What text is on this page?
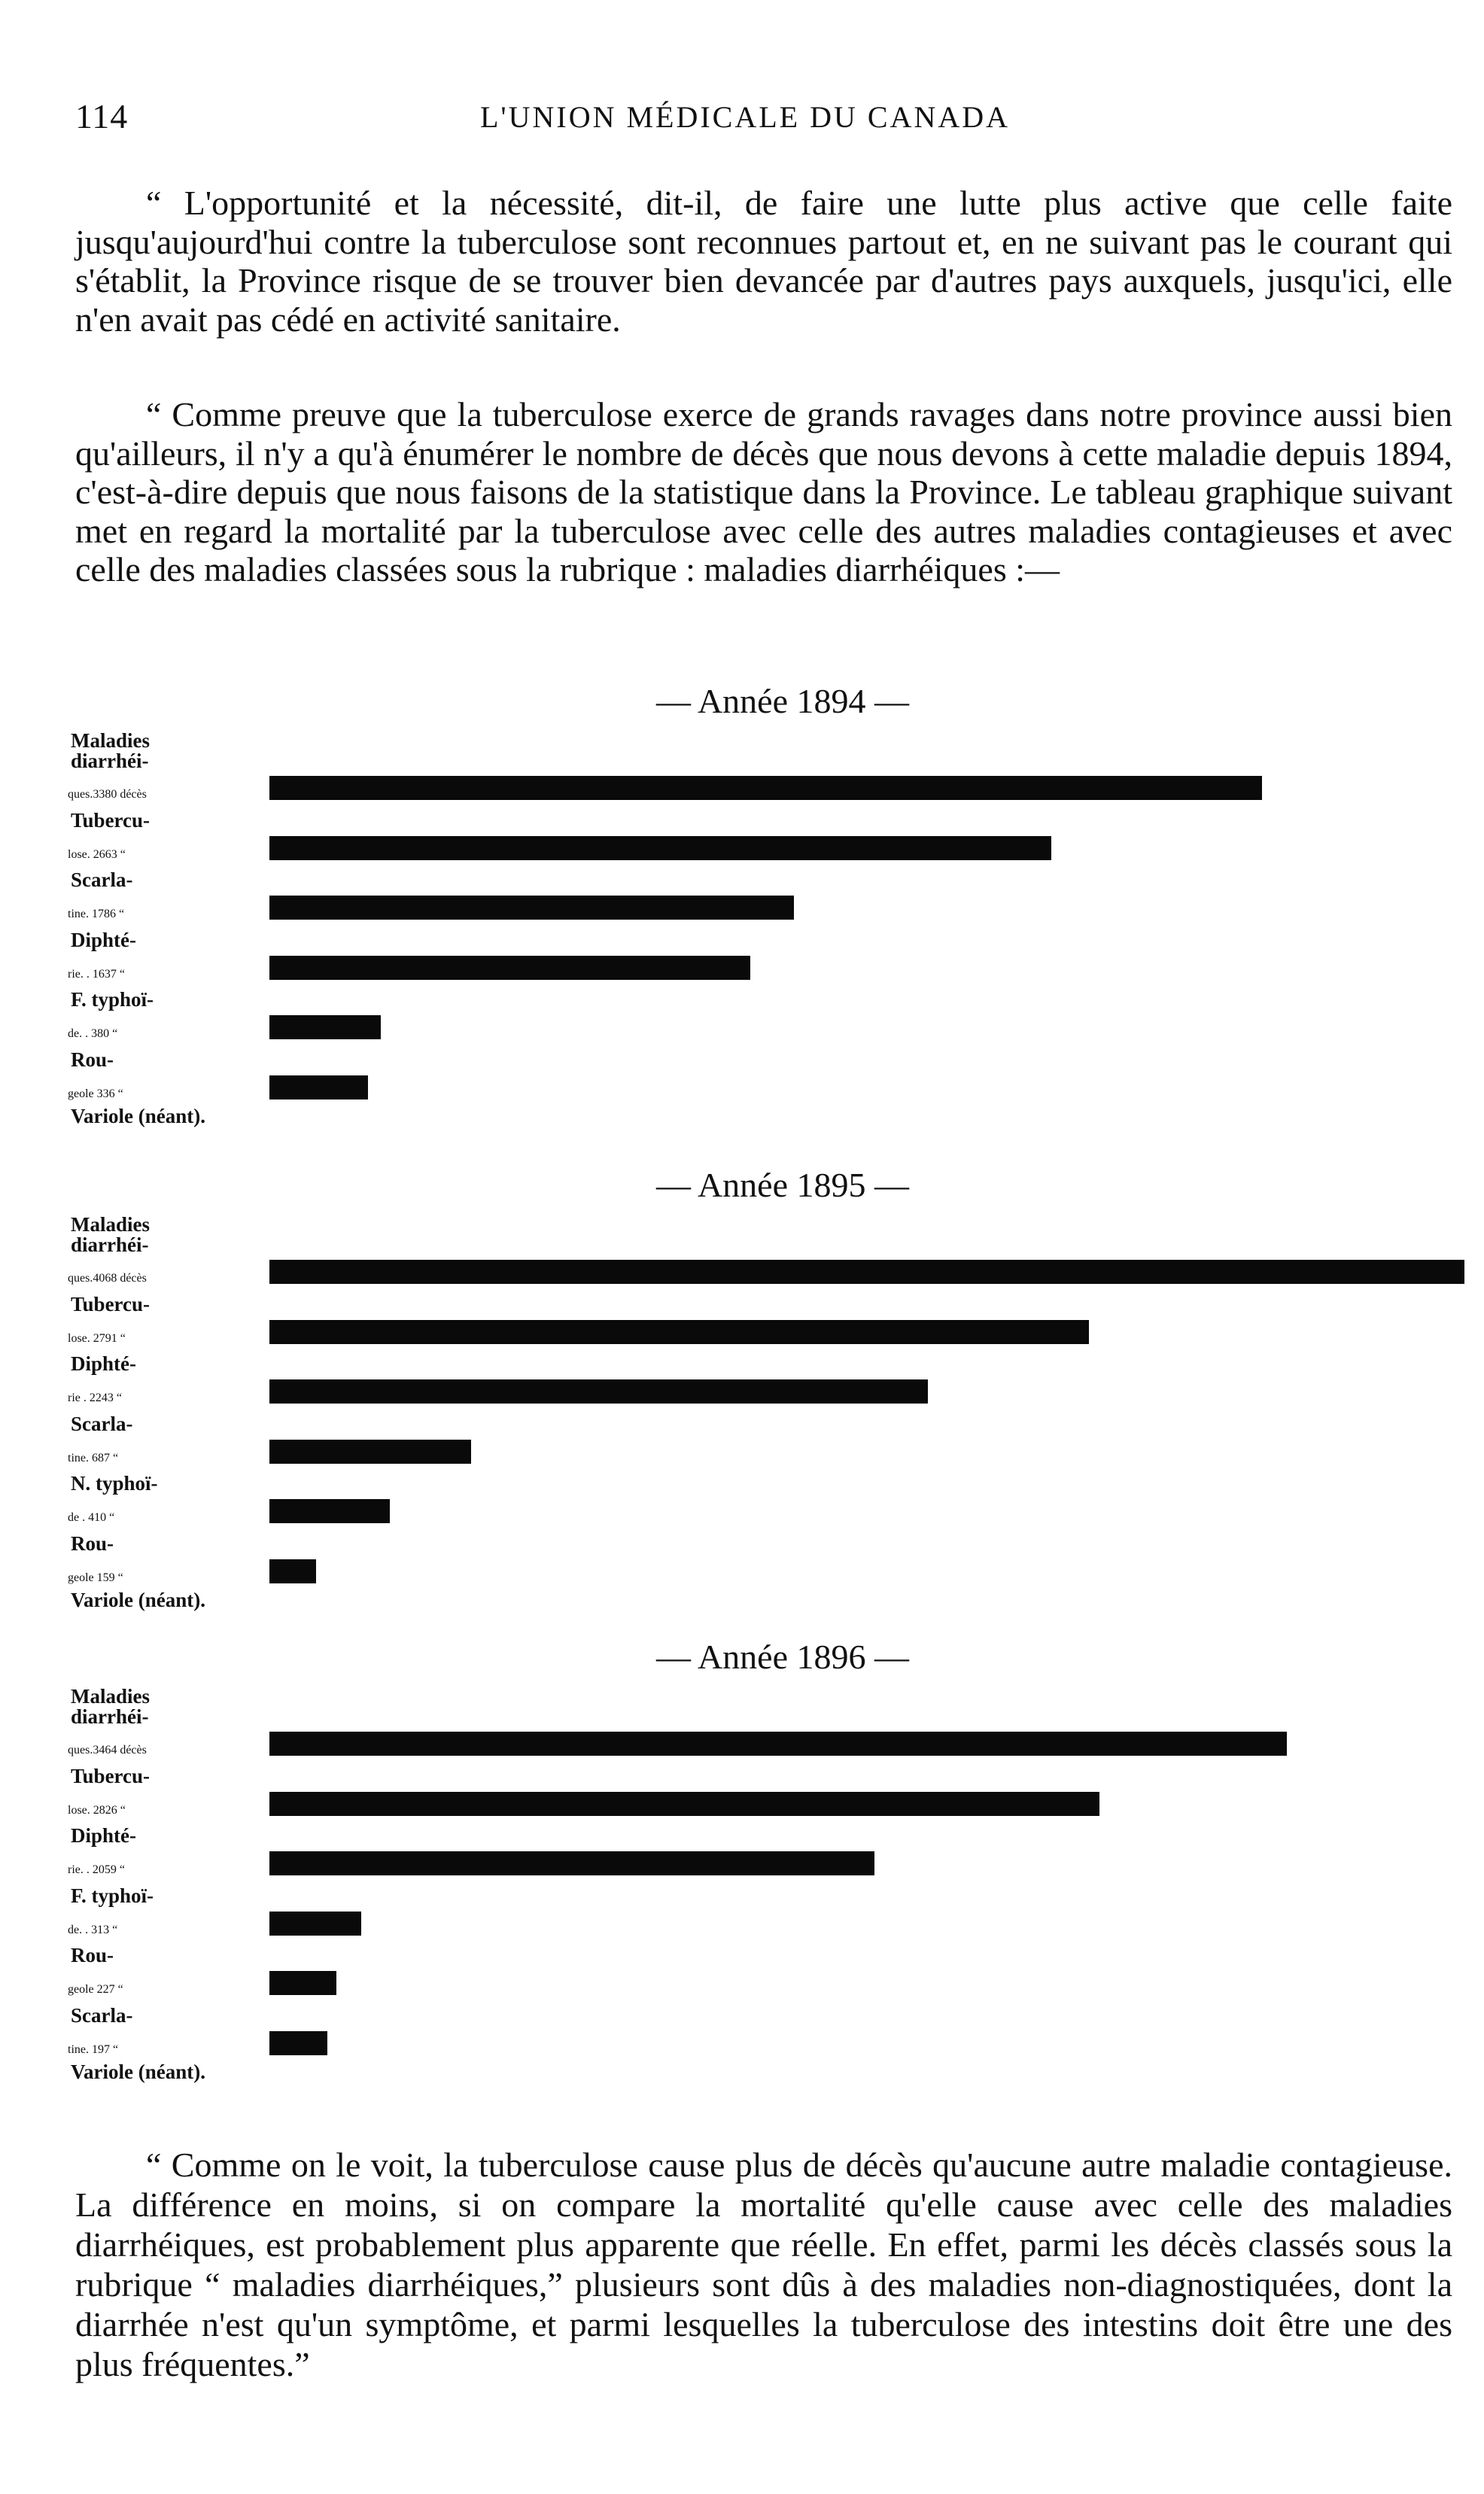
114	L'UNION MÉDICALE DU CANADA

“ L'opportunité et la nécessité, dit-il, de faire une lutte plus active que celle faite jusqu'aujourd'hui contre la tuberculose sont reconnues partout et, en ne suivant pas le courant qui s'établit, la Province risque de se trouver bien devancée par d'autres pays auxquels, jusqu'ici, elle n'en avait pas cédé en activité sanitaire.

“ Comme preuve que la tuberculose exerce de grands ravages dans notre province aussi bien qu'ailleurs, il n'y a qu'à énumérer le nombre de décès que nous devons à cette maladie depuis 1894, c'est-à-dire depuis que nous faisons de la statistique dans la Province. Le tableau graphique suivant met en regard la mortalité par la tuberculose avec celle des autres maladies contagieuses et avec celle des maladies classées sous la rubrique : maladies diarrhéiques :—

— Année 1894 —
Maladies
diarrhéi-
ques.3380 décès
Tubercu-
lose. 2663 “
Scarla-
tine. 1786 “
Diphté-
rie. . 1637 “
F. typhoï-
de. . 380 “
Rou-
geole 336 “
Variole (néant).
— Année 1895 —
Maladies
diarrhéi-
ques.4068 décès
Tubercu-
lose. 2791 “
Diphté-
rie . 2243 “
Scarla-
tine. 687 “
N. typhoï-
de . 410 “
Rou-
geole 159 “
Variole (néant).
— Année 1896 —
Maladies
diarrhéi-
ques.3464 décès
Tubercu-
lose. 2826 “
Diphté-
rie. . 2059 “
F. typhoï-
de. . 313 “
Rou-
geole 227 “
Scarla-
tine. 197 “
Variole (néant).

“ Comme on le voit, la tuberculose cause plus de décès qu'aucune autre maladie contagieuse. La différence en moins, si on compare la mortalité qu'elle cause avec celle des maladies diarrhéiques, est probablement plus apparente que réelle. En effet, parmi les décès classés sous la rubrique “ maladies diarrhéiques,” plusieurs sont dûs à des maladies non-diagnostiquées, dont la diarrhée n'est qu'un symptôme, et parmi lesquelles la tuberculose des intestins doit être une des plus fréquentes.”
